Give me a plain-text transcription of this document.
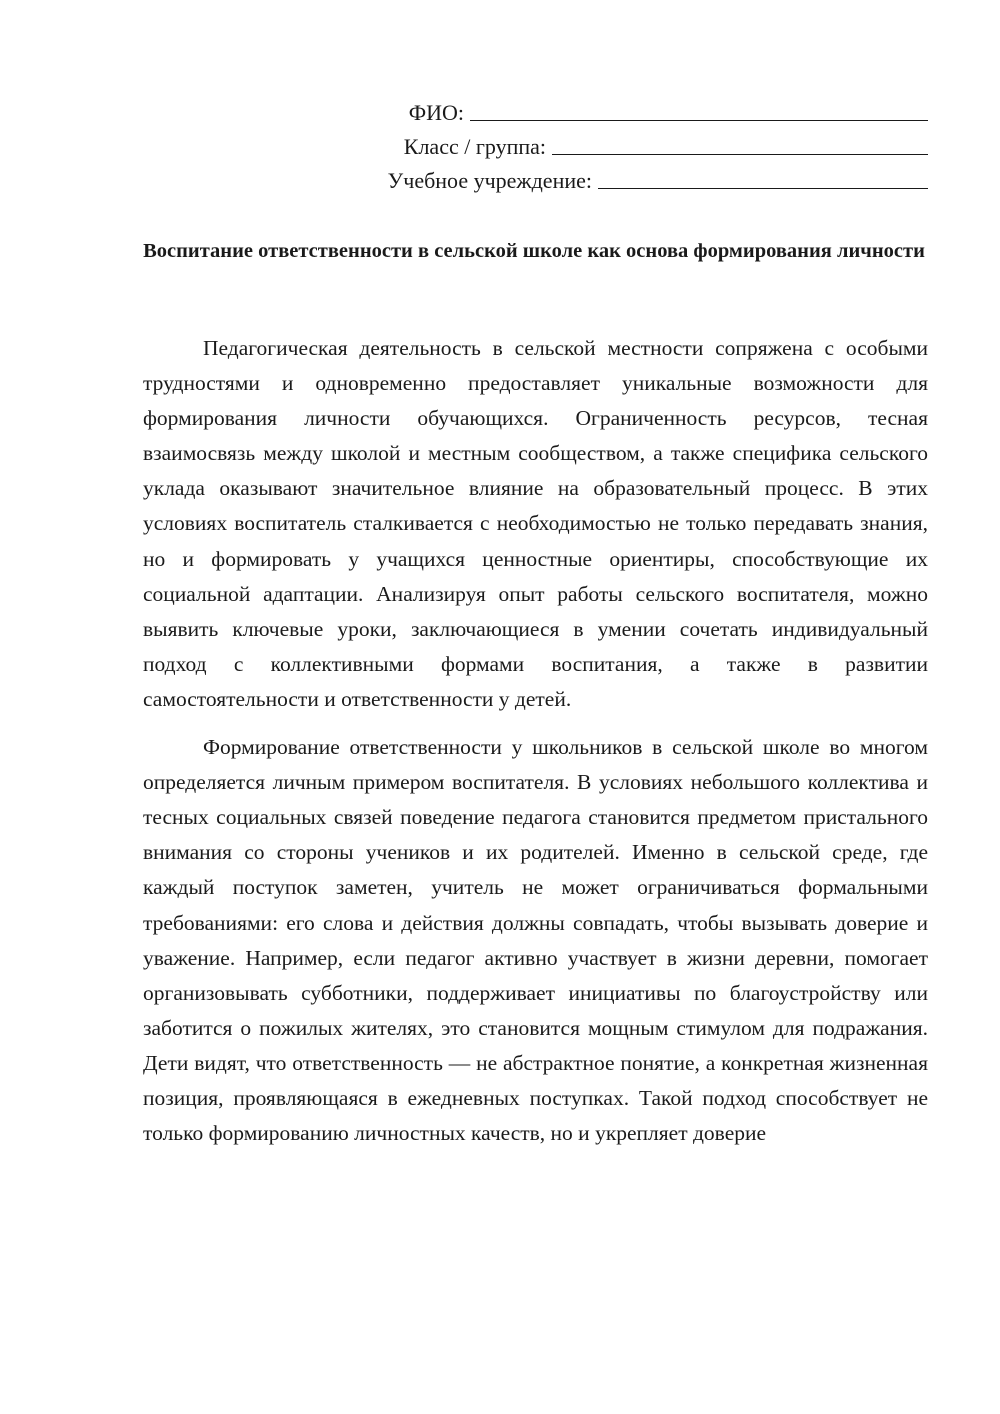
ФИО:
Класс / группа:
Учебное учреждение:
Воспитание ответственности в сельской школе как основа формирования личности

Педагогическая деятельность в сельской местности сопряжена с особыми трудностями и одновременно предоставляет уникальные возможности для формирования личности обучающихся. Ограниченность ресурсов, тесная взаимосвязь между школой и местным сообществом, а также специфика сельского уклада оказывают значительное влияние на образовательный процесс. В этих условиях воспитатель сталкивается с необходимостью не только передавать знания, но и формировать у учащихся ценностные ориентиры, способствующие их социальной адаптации. Анализируя опыт работы сельского воспитателя, можно выявить ключевые уроки, заключающиеся в умении сочетать индивидуальный подход с коллективными формами воспитания, а также в развитии самостоятельности и ответственности у детей.

Формирование ответственности у школьников в сельской школе во многом определяется личным примером воспитателя. В условиях небольшого коллектива и тесных социальных связей поведение педагога становится предметом пристального внимания со стороны учеников и их родителей. Именно в сельской среде, где каждый поступок заметен, учитель не может ограничиваться формальными требованиями: его слова и действия должны совпадать, чтобы вызывать доверие и уважение. Например, если педагог активно участвует в жизни деревни, помогает организовывать субботники, поддерживает инициативы по благоустройству или заботится о пожилых жителях, это становится мощным стимулом для подражания. Дети видят, что ответственность — не абстрактное понятие, а конкретная жизненная позиция, проявляющаяся в ежедневных поступках. Такой подход способствует не только формированию личностных качеств, но и укрепляет доверие
